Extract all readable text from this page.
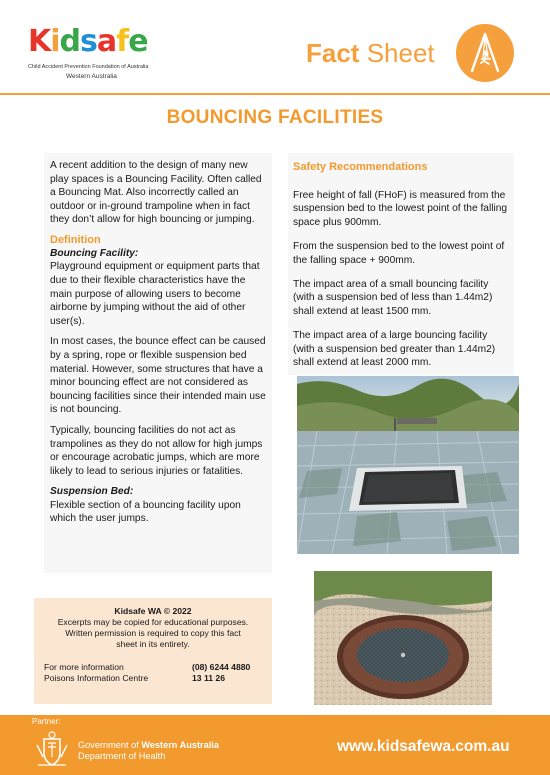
Kidsafe
Child Accident Prevention Foundation of Australia
Western Australia
Fact Sheet
BOUNCING FACILITIES

A recent addition to the design of many new play spaces is a Bouncing Facility. Often called a Bouncing Mat. Also incorrectly called an outdoor or in-ground trampoline when in fact they don’t allow for high bouncing or jumping.

Definition
Bouncing Facility:

Playground equipment or equipment parts that due to their flexible characteristics have the main purpose of allowing users to become airborne by jumping without the aid of other user(s).

In most cases, the bounce effect can be caused by a spring, rope or flexible suspension bed material. However, some structures that have a minor bouncing effect are not considered as bouncing facilities since their intended main use is not bouncing.

Typically, bouncing facilities do not act as trampolines as they do not allow for high jumps or encourage acrobatic jumps, which are more likely to lead to serious injuries or fatalities.

Suspension Bed:

Flexible section of a bouncing facility upon which the user jumps.

Kidsafe WA © 2022
Excerpts may be copied for educational purposes.
Written permission is required to copy this fact
sheet in its entirety.
For more information	(08) 6244 4880
Poisons Information Centre	13 11 26
Safety Recommendations

Free height of fall (FHoF) is measured from the suspension bed to the lowest point of the falling space plus 900mm.

From the suspension bed to the lowest point of the falling space + 900mm.

The impact area of a small bouncing facility (with a suspension bed of less than 1.44m2) shall extend at least 1500 mm.

The impact area of a large bouncing facility (with a suspension bed greater than 1.44m2) shall extend at least 2000 mm.

Partner:
Government of Western Australia
Department of Health
www.kidsafewa.com.au
